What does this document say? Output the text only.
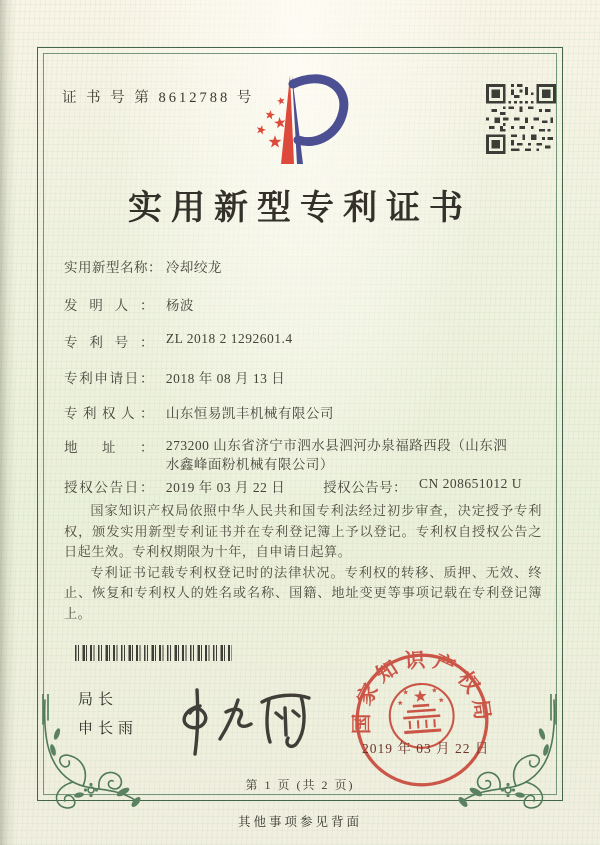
证 书 号 第 8612788 号
实用新型专利证书
实用新型名称： 冷却绞龙
发明人： 杨波
专利号： ZL 2018 2 1292601.4
专利申请日： 2018 年 08 月 13 日
专利权人： 山东恒易凯丰机械有限公司
地址： 273200 山东省济宁市泗水县泗河办泉福路西段（山东泗
水鑫峰面粉机械有限公司）
授权公告日： 2019 年 03 月 22 日	授权公告号： CN 208651012 U

国家知识产权局依照中华人民共和国专利法经过初步审查，决定授予专利权，颁发实用新型专利证书并在专利登记簿上予以登记。专利权自授权公告之日起生效。专利权期限为十年，自申请日起算。

专利证书记载专利权登记时的法律状况。专利权的转移、质押、无效、终止、恢复和专利权人的姓名或名称、国籍、地址变更等事项记载在专利登记簿上。

局长
申长雨	国家知识产权局
2019 年 03 月 22 日
第 1 页 (共 2 页)
其他事项参见背面
